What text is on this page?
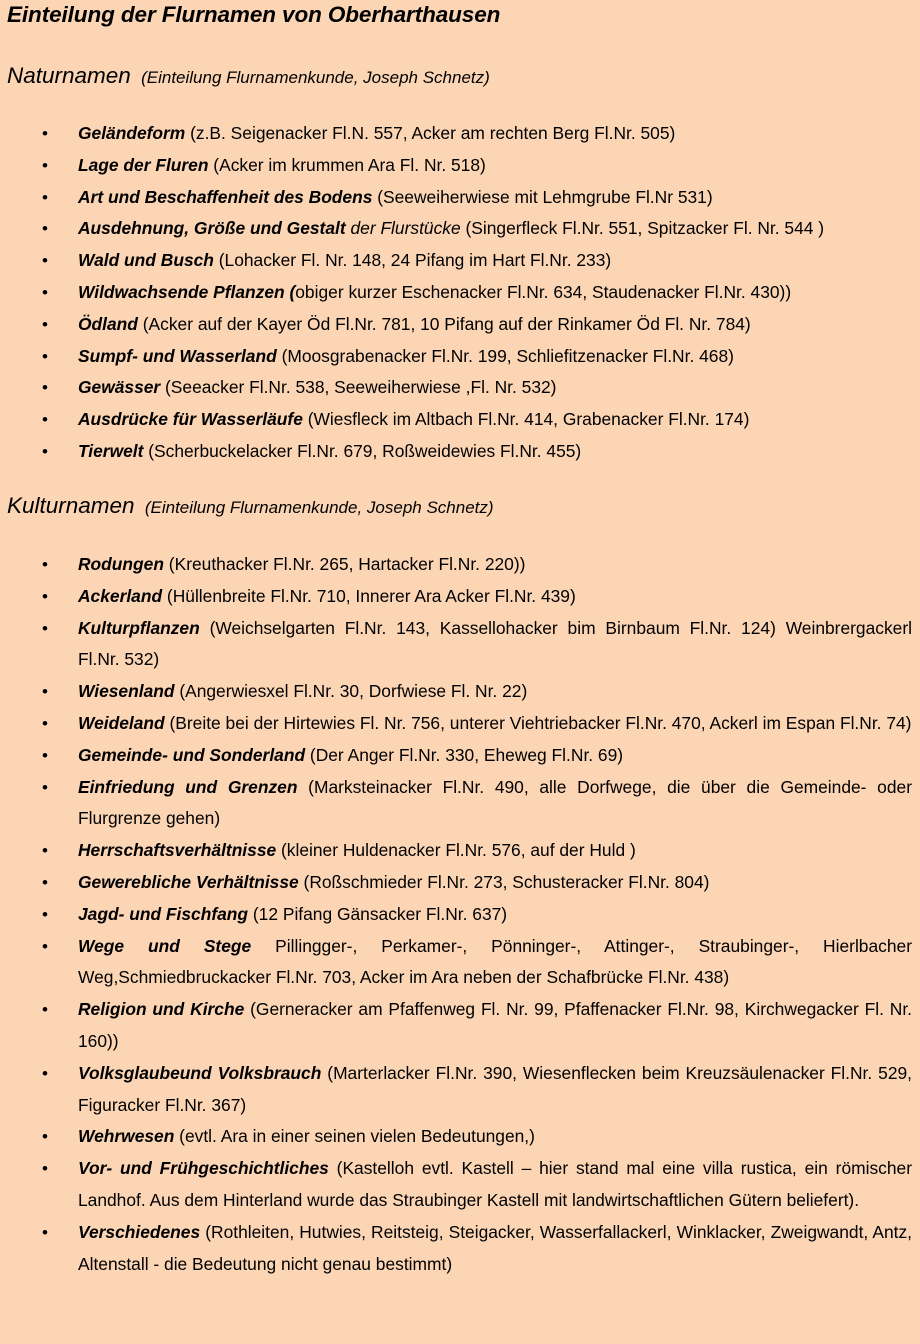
Einteilung der Flurnamen von Oberharthausen
Naturnamen (Einteilung Flurnamenkunde, Joseph Schnetz)
• Geländeform (z.B. Seigenacker Fl.N. 557, Acker am rechten Berg Fl.Nr. 505)
• Lage der Fluren (Acker im krummen Ara Fl. Nr. 518)
• Art und Beschaffenheit des Bodens (Seeweiherwiese mit Lehmgrube Fl.Nr 531)
• Ausdehnung, Größe und Gestalt der Flurstücke (Singerfleck Fl.Nr. 551, Spitzacker Fl. Nr. 544 )
• Wald und Busch (Lohacker Fl. Nr. 148, 24 Pifang im Hart Fl.Nr. 233)
• Wildwachsende Pflanzen (obiger kurzer Eschenacker Fl.Nr. 634, Staudenacker Fl.Nr. 430))
• Ödland (Acker auf der Kayer Öd Fl.Nr. 781, 10 Pifang auf der Rinkamer Öd Fl. Nr. 784)
• Sumpf- und Wasserland (Moosgrabenacker Fl.Nr. 199, Schliefitzenacker Fl.Nr. 468)
• Gewässer (Seeacker Fl.Nr. 538, Seeweiherwiese ,Fl. Nr. 532)
• Ausdrücke für Wasserläufe (Wiesfleck im Altbach Fl.Nr. 414, Grabenacker Fl.Nr. 174)
• Tierwelt (Scherbuckelacker Fl.Nr. 679, Roßweidewies Fl.Nr. 455)
Kulturnamen (Einteilung Flurnamenkunde, Joseph Schnetz)
• Rodungen (Kreuthacker Fl.Nr. 265, Hartacker Fl.Nr. 220))
• Ackerland (Hüllenbreite Fl.Nr. 710, Innerer Ara Acker Fl.Nr. 439)
• Kulturpflanzen (Weichselgarten Fl.Nr. 143, Kassellohacker bim Birnbaum Fl.Nr. 124) Weinbrergackerl Fl.Nr. 532)
• Wiesenland (Angerwiesxel Fl.Nr. 30, Dorfwiese Fl. Nr. 22)
• Weideland (Breite bei der Hirtewies Fl. Nr. 756, unterer Viehtriebacker Fl.Nr. 470, Ackerl im Espan Fl.Nr. 74)
• Gemeinde- und Sonderland (Der Anger Fl.Nr. 330, Eheweg Fl.Nr. 69)
• Einfriedung und Grenzen (Marksteinacker Fl.Nr. 490, alle Dorfwege, die über die Gemeinde- oder Flurgrenze gehen)
• Herrschaftsverhältnisse (kleiner Huldenacker Fl.Nr. 576, auf der Huld )
• Gewerebliche Verhältnisse (Roßschmieder Fl.Nr. 273, Schusteracker Fl.Nr. 804)
• Jagd- und Fischfang (12 Pifang Gänsacker Fl.Nr. 637)
• Wege und Stege Pillingger-, Perkamer-, Pönninger-, Attinger-, Straubinger-, Hierlbacher Weg,Schmiedbruckacker Fl.Nr. 703, Acker im Ara neben der Schafbrücke Fl.Nr. 438)
• Religion und Kirche (Gerneracker am Pfaffenweg Fl. Nr. 99, Pfaffenacker Fl.Nr. 98, Kirchwegacker Fl. Nr. 160))
• Volksglaubeund Volksbrauch (Marterlacker Fl.Nr. 390, Wiesenflecken beim Kreuzsäulenacker Fl.Nr. 529, Figuracker Fl.Nr. 367)
• Wehrwesen (evtl. Ara in einer seinen vielen Bedeutungen,)
• Vor- und Frühgeschichtliches (Kastelloh evtl. Kastell – hier stand mal eine villa rustica, ein römischer Landhof. Aus dem Hinterland wurde das Straubinger Kastell mit landwirtschaftlichen Gütern beliefert).
• Verschiedenes (Rothleiten, Hutwies, Reitsteig, Steigacker, Wasserfallackerl, Winklacker, Zweigwandt, Antz, Altenstall - die Bedeutung nicht genau bestimmt)
